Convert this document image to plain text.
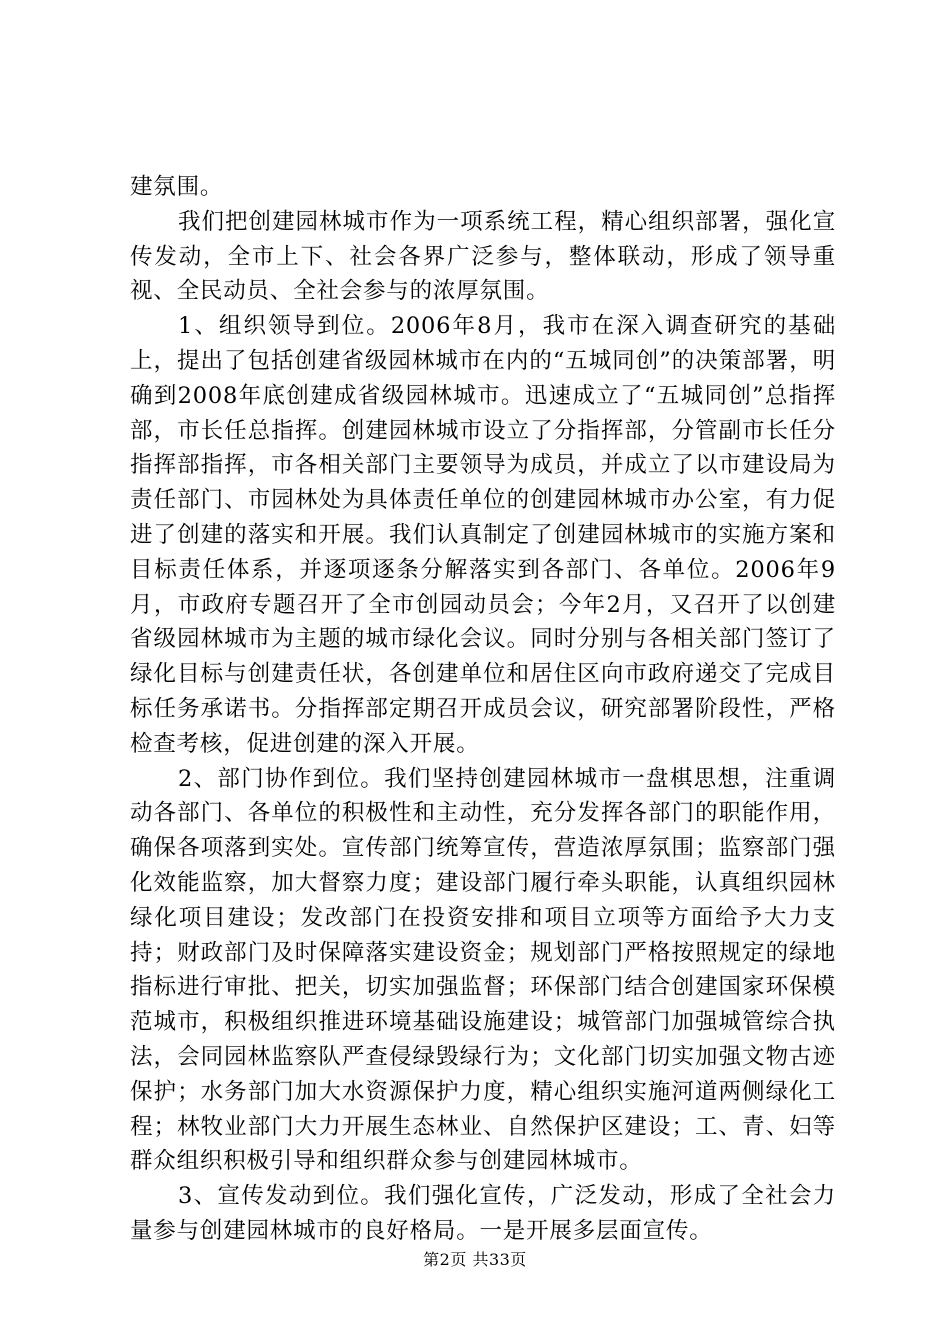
建氛围。

我们把创建园林城市作为一项系统工程，精心组织部署，强化宣传发动，全市上下、社会各界广泛参与，整体联动，形成了领导重视、全民动员、全社会参与的浓厚氛围。

1、组织领导到位。2006年8月，我市在深入调查研究的基础上，提出了包括创建省级园林城市在内的“五城同创”的决策部署，明确到2008年底创建成省级园林城市。迅速成立了“五城同创”总指挥部，市长任总指挥。创建园林城市设立了分指挥部，分管副市长任分指挥部指挥，市各相关部门主要领导为成员，并成立了以市建设局为责任部门、市园林处为具体责任单位的创建园林城市办公室，有力促进了创建的落实和开展。我们认真制定了创建园林城市的实施方案和目标责任体系，并逐项逐条分解落实到各部门、各单位。2006年9月，市政府专题召开了全市创园动员会；今年2月，又召开了以创建省级园林城市为主题的城市绿化会议。同时分别与各相关部门签订了绿化目标与创建责任状，各创建单位和居住区向市政府递交了完成目标任务承诺书。分指挥部定期召开成员会议，研究部署阶段性，严格检查考核，促进创建的深入开展。

2、部门协作到位。我们坚持创建园林城市一盘棋思想，注重调动各部门、各单位的积极性和主动性，充分发挥各部门的职能作用，确保各项落到实处。宣传部门统筹宣传，营造浓厚氛围；监察部门强化效能监察，加大督察力度；建设部门履行牵头职能，认真组织园林绿化项目建设；发改部门在投资安排和项目立项等方面给予大力支持；财政部门及时保障落实建设资金；规划部门严格按照规定的绿地指标进行审批、把关，切实加强监督；环保部门结合创建国家环保模范城市，积极组织推进环境基础设施建设；城管部门加强城管综合执法，会同园林监察队严查侵绿毁绿行为；文化部门切实加强文物古迹保护；水务部门加大水资源保护力度，精心组织实施河道两侧绿化工程；林牧业部门大力开展生态林业、自然保护区建设；工、青、妇等群众组织积极引导和组织群众参与创建园林城市。

3、宣传发动到位。我们强化宣传，广泛发动，形成了全社会力量参与创建园林城市的良好格局。一是开展多层面宣传。

第2页 共33页
